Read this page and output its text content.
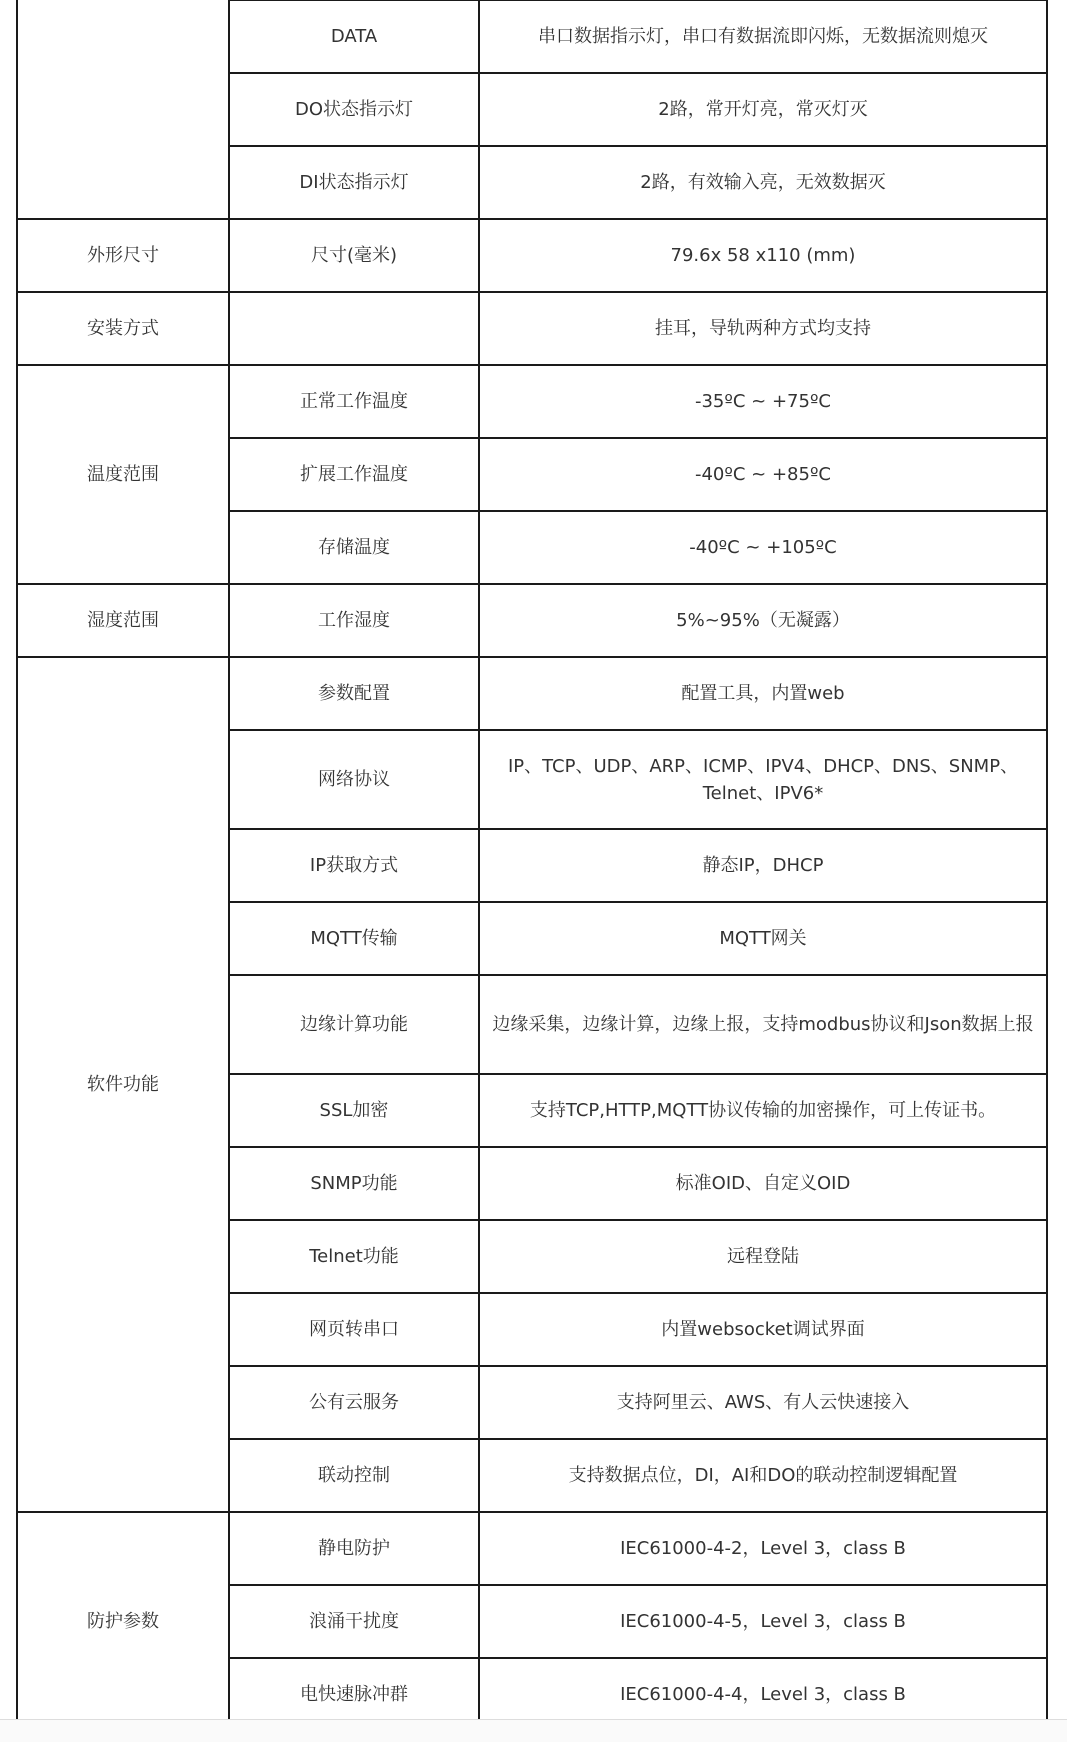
	DATA	串口数据指示灯，串口有数据流即闪烁，无数据流则熄灭
	DO状态指示灯	2路，常开灯亮，常灭灯灭
	DI状态指示灯	2路，有效输入亮，无效数据灭
外形尺寸	尺寸(毫米)	79.6x 58 x110 (mm)
安装方式		挂耳，导轨两种方式均支持
温度范围	正常工作温度	-35ºC ~ +75ºC
	扩展工作温度	-40ºC ~ +85ºC
	存储温度	-40ºC ~ +105ºC
湿度范围	工作湿度	5%~95%（无凝露）
软件功能	参数配置	配置工具，内置web
	网络协议	IP、TCP、UDP、ARP、ICMP、IPV4、DHCP、DNS、SNMP、Telnet、IPV6*
	IP获取方式	静态IP，DHCP
	MQTT传输	MQTT网关
	边缘计算功能	边缘采集，边缘计算，边缘上报，支持modbus协议和Json数据上报
	SSL加密	支持TCP,HTTP,MQTT协议传输的加密操作，可上传证书。
	SNMP功能	标准OID、自定义OID
	Telnet功能	远程登陆
	网页转串口	内置websocket调试界面
	公有云服务	支持阿里云、AWS、有人云快速接入
	联动控制	支持数据点位，DI，AI和DO的联动控制逻辑配置
防护参数	静电防护	IEC61000-4-2，Level 3，class B
	浪涌干扰度	IEC61000-4-5，Level 3，class B
	电快速脉冲群	IEC61000-4-4，Level 3，class B
